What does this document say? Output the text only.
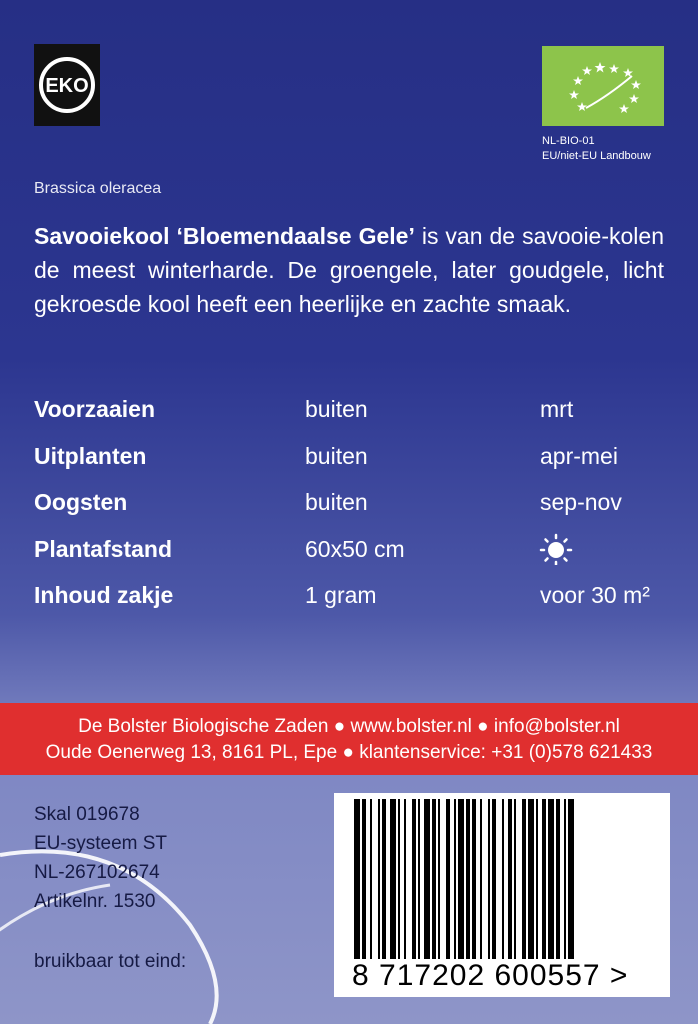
EKO
NL-BIO-01
EU/niet-EU Landbouw
Brassica oleracea
Savooiekool ‘Bloemendaalse Gele’ is van de savooie-kolen de meest winterharde. De groengele, later goudgele, licht gekroesde kool heeft een heerlijke en zachte smaak.
Voorzaaien	buiten	mrt
Uitplanten	buiten	apr-mei
Oogsten	buiten	sep-nov
Plantafstand	60x50 cm
Inhoud zakje	1 gram	voor 30 m²
De Bolster Biologische Zaden ● www.bolster.nl ● info@bolster.nl
Oude Oenerweg 13, 8161 PL, Epe ● klantenservice: +31 (0)578 621433
Skal 019678
EU-systeem ST
NL-267102674
Artikelnr. 1530
bruikbaar tot eind:	8 717202 600557 >
